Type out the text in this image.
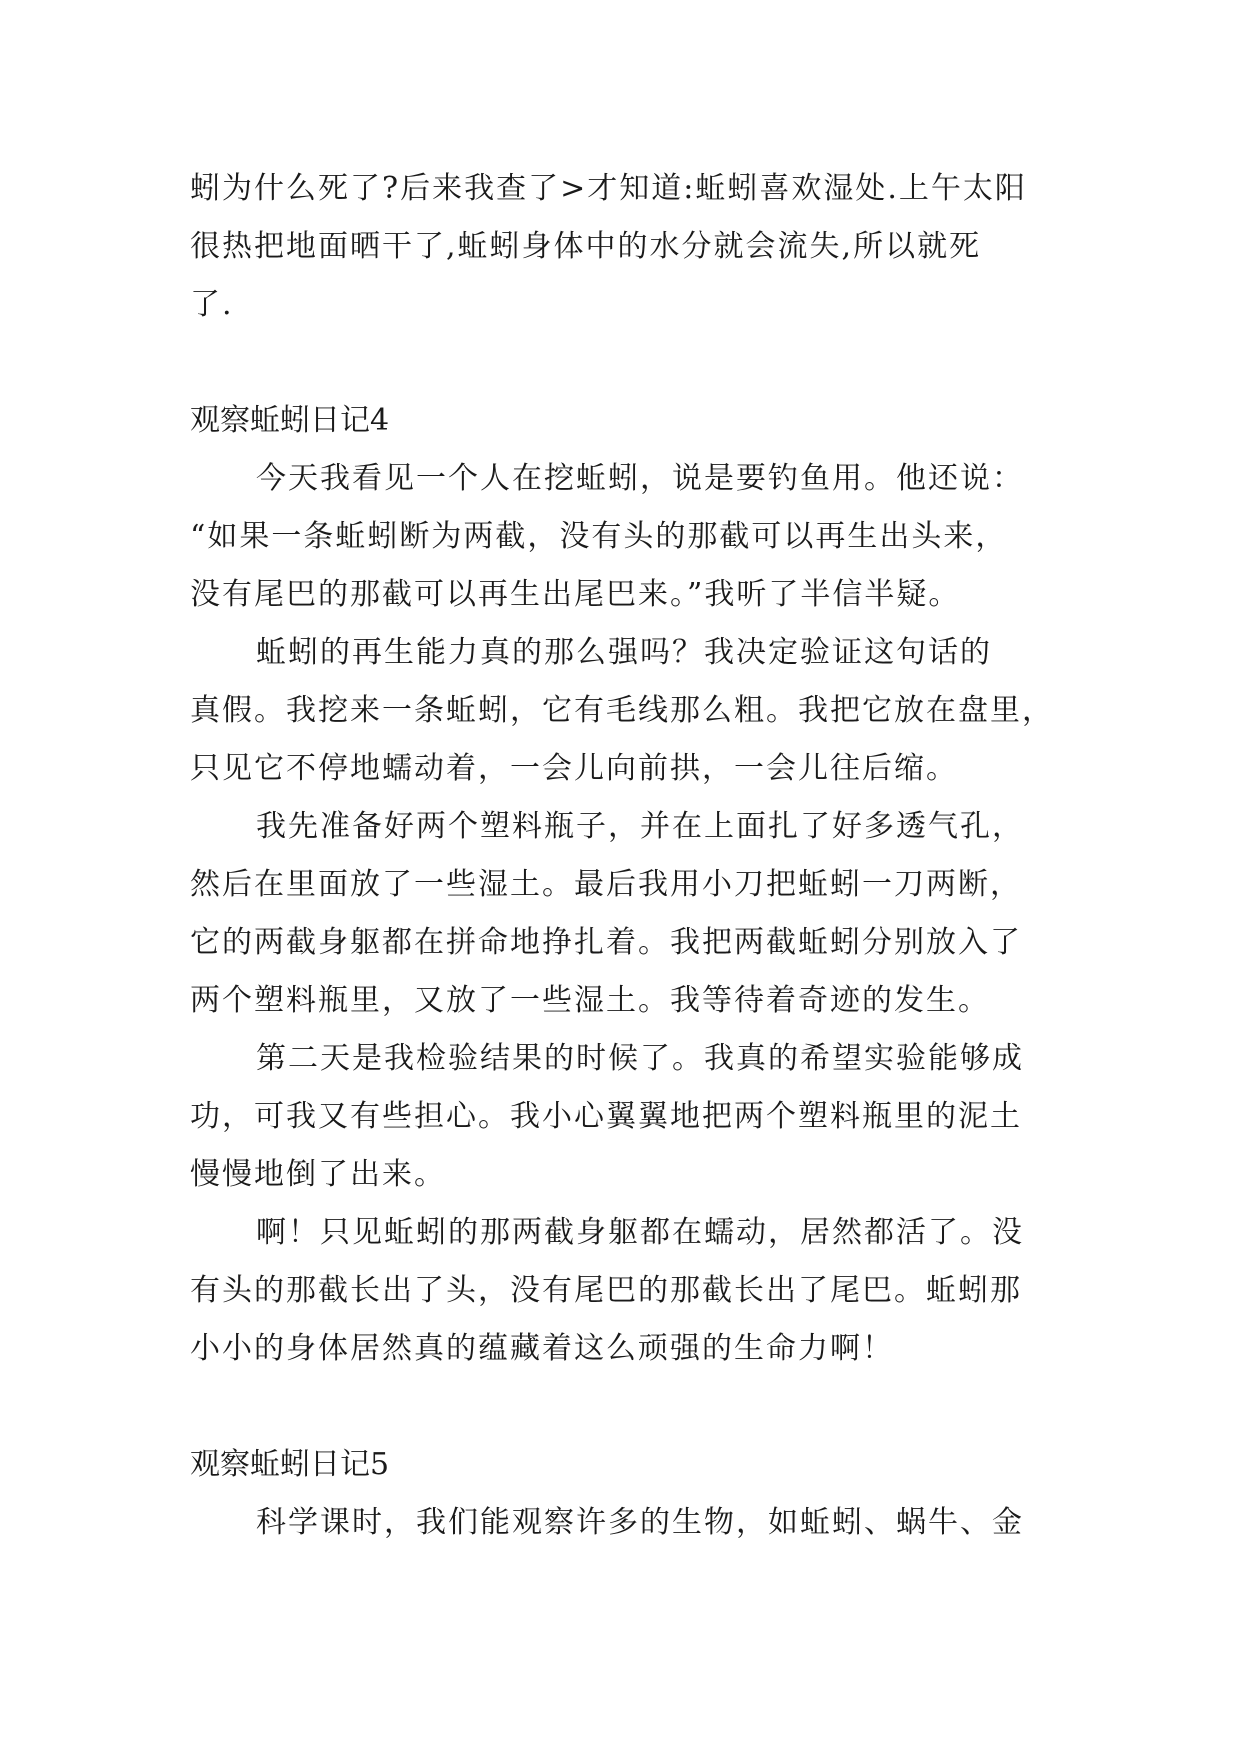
蚓为什么死了?后来我查了>才知道:蚯蚓喜欢湿处.上午太阳
很热把地面晒干了,蚯蚓身体中的水分就会流失,所以就死
了.
观察蚯蚓日记4
今天我看见一个人在挖蚯蚓，说是要钓鱼用。他还说：
“如果一条蚯蚓断为两截，没有头的那截可以再生出头来，
没有尾巴的那截可以再生出尾巴来。”我听了半信半疑。
蚯蚓的再生能力真的那么强吗？我决定验证这句话的
真假。我挖来一条蚯蚓，它有毛线那么粗。我把它放在盘里，
只见它不停地蠕动着，一会儿向前拱，一会儿往后缩。
我先准备好两个塑料瓶子，并在上面扎了好多透气孔，
然后在里面放了一些湿土。最后我用小刀把蚯蚓一刀两断，
它的两截身躯都在拼命地挣扎着。我把两截蚯蚓分别放入了
两个塑料瓶里，又放了一些湿土。我等待着奇迹的发生。
第二天是我检验结果的时候了。我真的希望实验能够成
功，可我又有些担心。我小心翼翼地把两个塑料瓶里的泥土
慢慢地倒了出来。
啊！只见蚯蚓的那两截身躯都在蠕动，居然都活了。没
有头的那截长出了头，没有尾巴的那截长出了尾巴。蚯蚓那
小小的身体居然真的蕴藏着这么顽强的生命力啊！
观察蚯蚓日记5
科学课时，我们能观察许多的生物，如蚯蚓、蜗牛、金
